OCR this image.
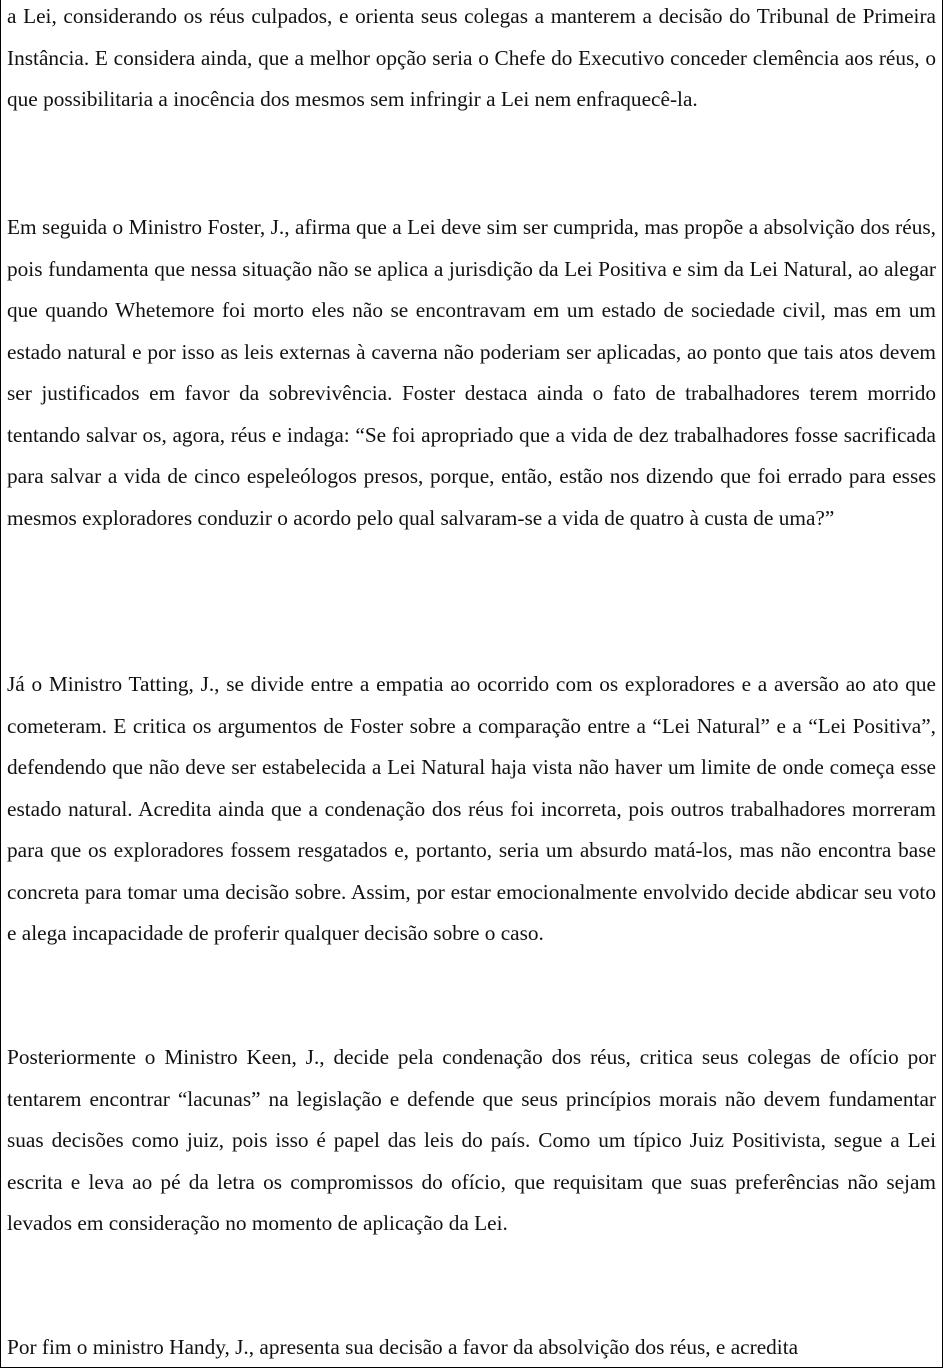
a Lei, considerando os réus culpados, e orienta seus colegas a manterem a decisão do Tribunal de Primeira Instância. E considera ainda, que a melhor opção seria o Chefe do Executivo conceder clemência aos réus, o que possibilitaria a inocência dos mesmos sem infringir a Lei nem enfraquecê-la.

Em seguida o Ministro Foster, J., afirma que a Lei deve sim ser cumprida, mas propõe a absolvição dos réus, pois fundamenta que nessa situação não se aplica a jurisdição da Lei Positiva e sim da Lei Natural, ao alegar que quando Whetemore foi morto eles não se encontravam em um estado de sociedade civil, mas em um estado natural e por isso as leis externas à caverna não poderiam ser aplicadas, ao ponto que tais atos devem ser justificados em favor da sobrevivência. Foster destaca ainda o fato de trabalhadores terem morrido tentando salvar os, agora, réus e indaga: “Se foi apropriado que a vida de dez trabalhadores fosse sacrificada para salvar a vida de cinco espeleólogos presos, porque, então, estão nos dizendo que foi errado para esses mesmos exploradores conduzir o acordo pelo qual salvaram-se a vida de quatro à custa de uma?”

Já o Ministro Tatting, J., se divide entre a empatia ao ocorrido com os exploradores e a aversão ao ato que cometeram. E critica os argumentos de Foster sobre a comparação entre a “Lei Natural” e a “Lei Positiva”, defendendo que não deve ser estabelecida a Lei Natural haja vista não haver um limite de onde começa esse estado natural. Acredita ainda que a condenação dos réus foi incorreta, pois outros trabalhadores morreram para que os exploradores fossem resgatados e, portanto, seria um absurdo matá-los, mas não encontra base concreta para tomar uma decisão sobre. Assim, por estar emocionalmente envolvido decide abdicar seu voto e alega incapacidade de proferir qualquer decisão sobre o caso.

Posteriormente o Ministro Keen, J., decide pela condenação dos réus, critica seus colegas de ofício por tentarem encontrar “lacunas” na legislação e defende que seus princípios morais não devem fundamentar suas decisões como juiz, pois isso é papel das leis do país. Como um típico Juiz Positivista, segue a Lei escrita e leva ao pé da letra os compromissos do ofício, que requisitam que suas preferências não sejam levados em consideração no momento de aplicação da Lei.

Por fim o ministro Handy, J., apresenta sua decisão a favor da absolvição dos réus, e acredita
